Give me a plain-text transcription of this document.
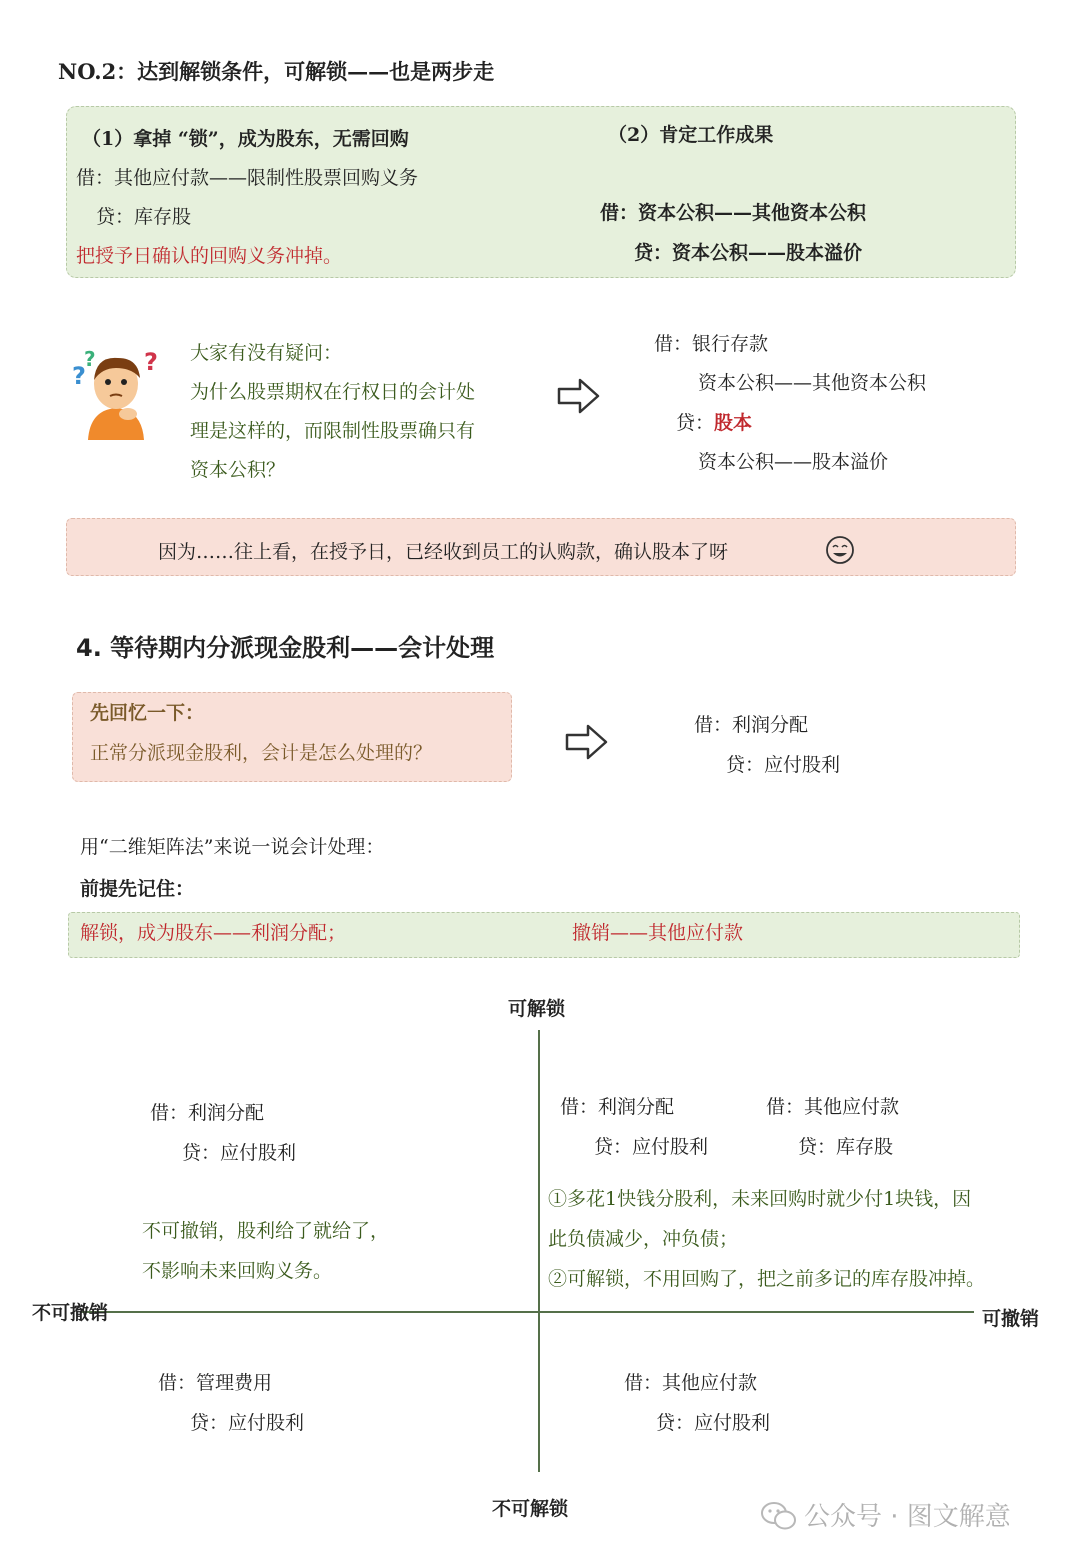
NO.2：达到解锁条件，可解锁——也是两步走
（1）拿掉 “锁”，成为股东，无需回购
借：其他应付款——限制性股票回购义务
贷：库存股
把授予日确认的回购义务冲掉。
（2）肯定工作成果
借：资本公积——其他资本公积
贷：资本公积——股本溢价
?
? ? 大家有没有疑问：
为什么股票期权在行权日的会计处
理是这样的，而限制性股票确只有
资本公积？
借：银行存款
资本公积——其他资本公积
贷：股本
资本公积——股本溢价
因为……往上看，在授予日，已经收到员工的认购款，确认股本了呀
4. 等待期内分派现金股利——会计处理
先回忆一下：
正常分派现金股利，会计是怎么处理的？
借：利润分配
贷：应付股利
用“二维矩阵法”来说一说会计处理：
前提先记住：
解锁，成为股东——利润分配；	撤销——其他应付款
可解锁
不可解锁
不可撤销	可撤销
借：利润分配
贷：应付股利
不可撤销，股利给了就给了，
不影响未来回购义务。
借：利润分配
贷：应付股利
借：其他应付款
贷：库存股
①多花1快钱分股利，未来回购时就少付1块钱，因
此负债减少，冲负债；
②可解锁，不用回购了，把之前多记的库存股冲掉。
借：管理费用
贷：应付股利
借：其他应付款
贷：应付股利
公众号 · 图文解意
